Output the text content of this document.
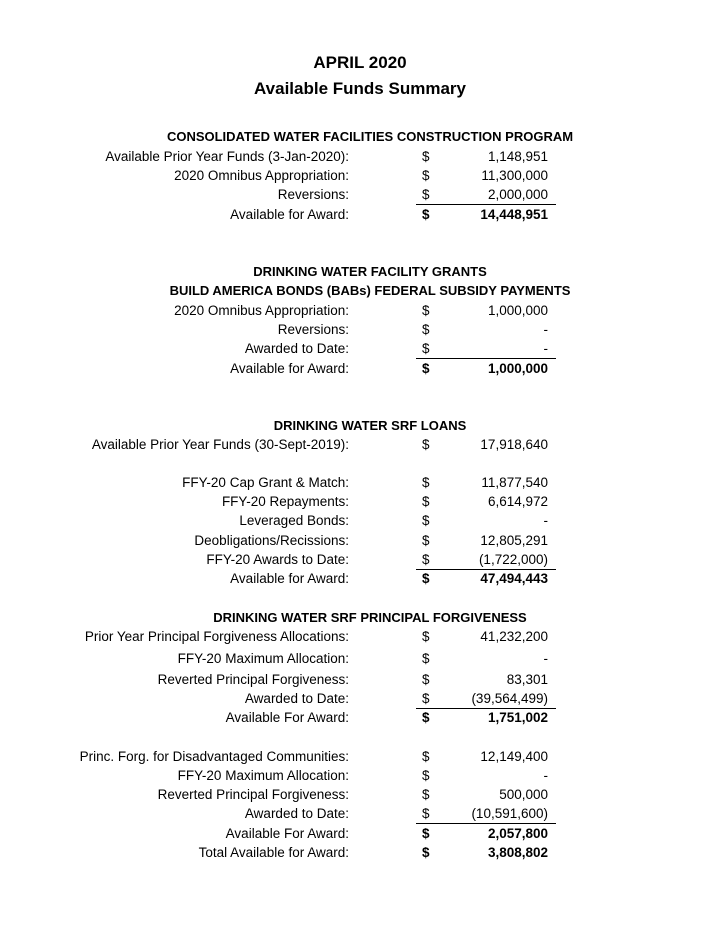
APRIL 2020
Available Funds Summary
CONSOLIDATED WATER FACILITIES CONSTRUCTION PROGRAM
Available Prior Year Funds (3-Jan-2020):	$	1,148,951
2020 Omnibus Appropriation:	$	11,300,000
Reversions:	$	2,000,000
Available for Award:	$	14,448,951
DRINKING WATER FACILITY GRANTS
BUILD AMERICA BONDS (BABs) FEDERAL SUBSIDY PAYMENTS
2020 Omnibus Appropriation:	$	1,000,000
Reversions:	$	-
Awarded to Date:	$	-
Available for Award:	$	1,000,000
DRINKING WATER SRF LOANS
Available Prior Year Funds (30-Sept-2019):	$	17,918,640
FFY-20 Cap Grant & Match:	$	11,877,540
FFY-20 Repayments:	$	6,614,972
Leveraged Bonds:	$	-
Deobligations/Recissions:	$	12,805,291
FFY-20 Awards to Date:	$	(1,722,000)
Available for Award:	$	47,494,443
DRINKING WATER SRF PRINCIPAL FORGIVENESS
Prior Year Principal Forgiveness Allocations:	$	41,232,200
FFY-20 Maximum Allocation:	$	-
Reverted Principal Forgiveness:	$	83,301
Awarded to Date:	$	(39,564,499)
Available For Award:	$	1,751,002
Princ. Forg. for Disadvantaged Communities:	$	12,149,400
FFY-20 Maximum Allocation:	$	-
Reverted Principal Forgiveness:	$	500,000
Awarded to Date:	$	(10,591,600)
Available For Award:	$	2,057,800
Total Available for Award:	$	3,808,802
